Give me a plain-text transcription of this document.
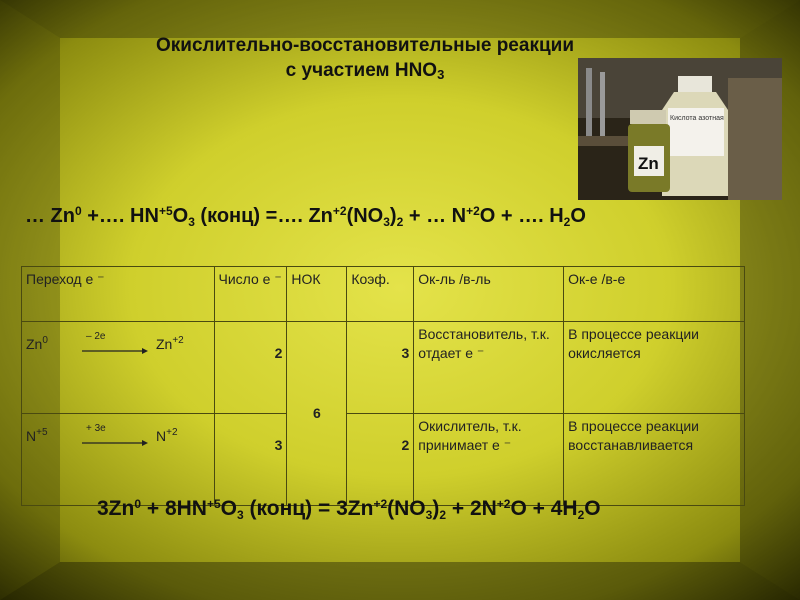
Окислительно-восстановительные реакции
с участием $HNO_3$
Кислота азотная
Zn
… $Zn^0$ +…. $HN^{+5}O_3$ (конц) =…. $Zn^{+2}(NO_3)_2$ + … $N^{+2}O$ + …. $H_2O$
Переход е ⁻	Число е ⁻	НОК	Коэф.	Ок-ль /в-ль	Ок-е /в-е

Zn$^0$ – 2e $Zn^{+2}$	2	6	3	Восстановитель, т.к. отдает е ⁻	В процессе реакции окисляется

$N^{+5} + 3e$ $N^{+2}$	3		2	Окислитель, т.к. принимает е ⁻	В процессе реакции восстанавливается
$3Zn^0 + 8HN^{+5}O_3$ (конц) = $3Zn^{+2}(NO_3)_2 + 2N^{+2}O + 4H_2O$
